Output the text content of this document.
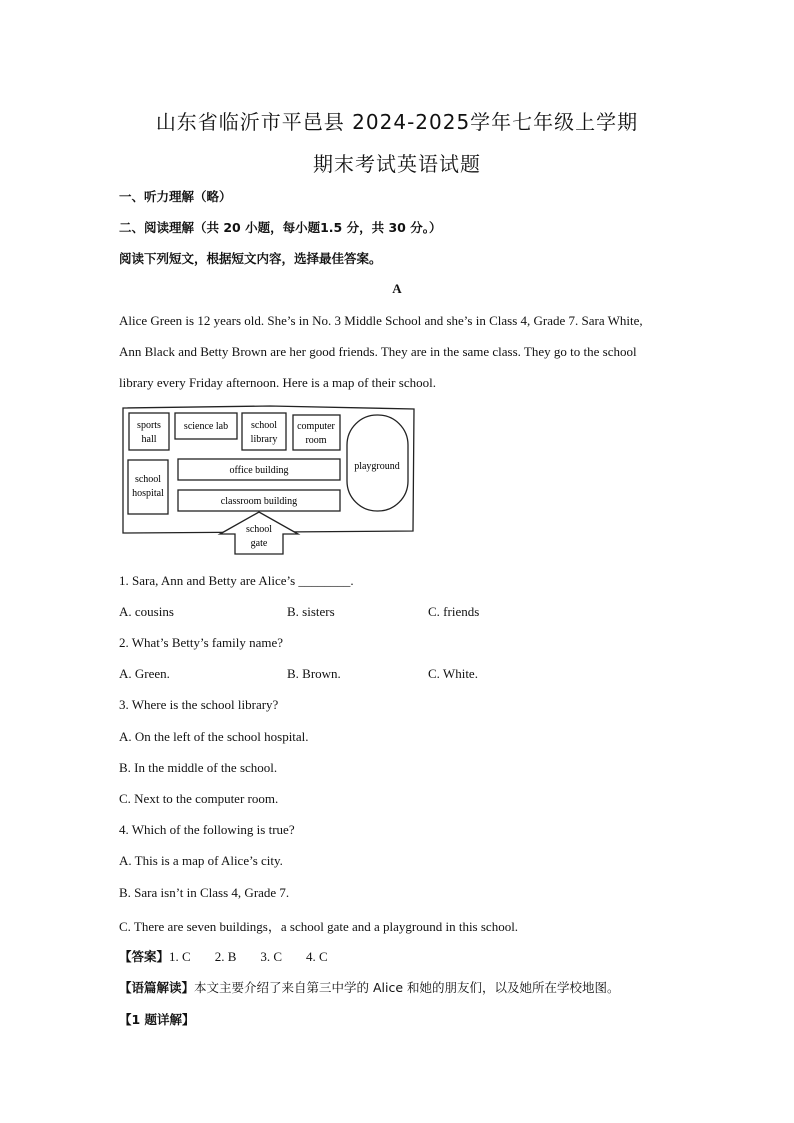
山东省临沂市平邑县 2024-2025学年七年级上学期
期末考试英语试题
一、听力理解（略）
二、阅读理解（共 20 小题，每小题1.5 分，共 30 分。）
阅读下列短文，根据短文内容，选择最佳答案。
A
Alice Green is 12 years old. She’s in No. 3 Middle School and she’s in Class 4, Grade 7. Sara White,
Ann Black and Betty Brown are her good friends. They are in the same class. They go to the school
library every Friday afternoon. Here is a map of their school.
sports
hall
science lab school
library
computer
room
playground
school
hospital
office building
classroom building
school
gate
1. Sara, Ann and Betty are Alice’s ________.
A. cousins	B. sisters	C. friends
2. What’s Betty’s family name?
A. Green.	B. Brown.	C. White.
3. Where is the school library?
A. On the left of the school hospital.
B. In the middle of the school.
C. Next to the computer room.
4. Which of the following is true?
A. This is a map of Alice’s city.
B. Sara isn’t in Class 4, Grade 7.
C. There are seven buildings，a school gate and a playground in this school.
【答案】1. C 2. B 3. C 4. C
【语篇解读】本文主要介绍了来自第三中学的 Alice 和她的朋友们，以及她所在学校地图。
【1 题详解】
